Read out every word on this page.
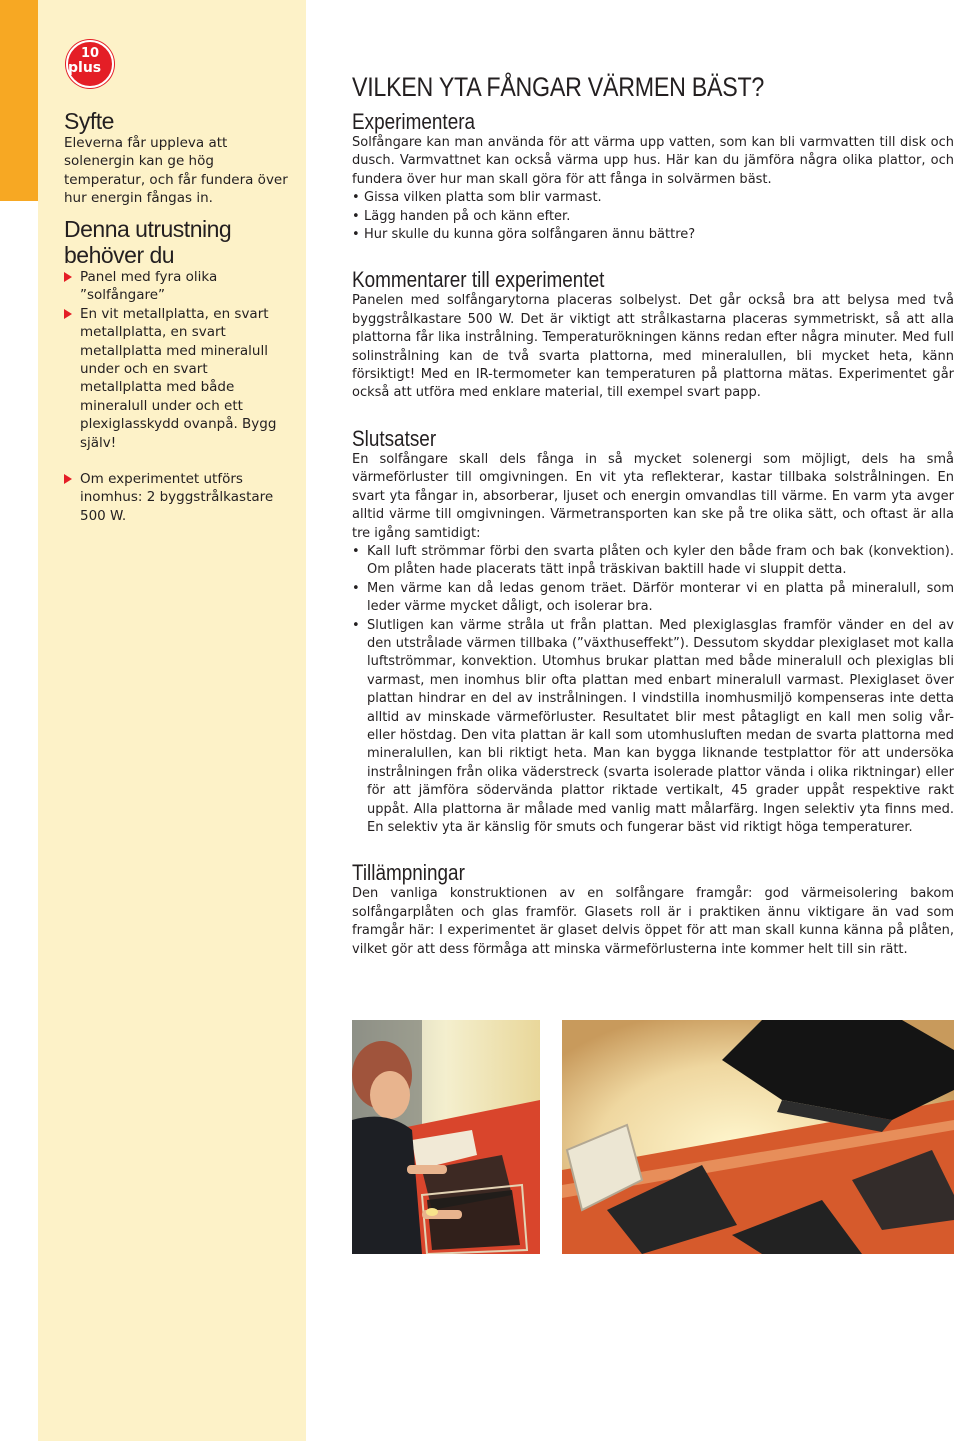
10
plus
Syfte

Eleverna får uppleva att solenergin kan ge hög temperatur, och får fundera över hur energin fångas in.

Denna utrustning behöver du
Panel med fyra olika ”solfångare”
En vit metallplatta, en svart metallplatta, en svart metallplatta med mineralull under och en svart metallplatta med både mineralull under och ett plexiglasskydd ovanpå. Bygg själv!
Om experimentet utförs inomhus: 2 byggstrålkastare 500 W.
VILKEN YTA FÅNGAR VÄRMEN BÄST?
Experimentera

Solfångare kan man använda för att värma upp vatten, som kan bli varmvatten till disk och dusch. Varmvattnet kan också värma upp hus. Här kan du jämföra några olika plattor, och fundera över hur man skall göra för att fånga in solvärmen bäst.

• Gissa vilken platta som blir varmast.
• Lägg handen på och känn efter.
• Hur skulle du kunna göra solfångaren ännu bättre?
Kommentarer till experimentet

Panelen med solfångarytorna placeras solbelyst. Det går också bra att belysa med två byggstrålkastare 500 W. Det är viktigt att strålkastarna placeras symmetriskt, så att alla plattorna får lika instrålning. Temperaturökningen känns redan efter några minuter. Med full solinstrålning kan de två svarta plattorna, med mineralullen, bli mycket heta, känn försiktigt! Med en IR-termometer kan temperaturen på plattorna mätas. Experimentet går också att utföra med enklare material, till exempel svart papp.

Slutsatser

En solfångare skall dels fånga in så mycket solenergi som möjligt, dels ha små värmeförluster till omgivningen. En vit yta reflekterar, kastar tillbaka solstrålningen. En svart yta fångar in, absorberar, ljuset och energin omvandlas till värme. En varm yta avger alltid värme till omgivningen. Värmetransporten kan ske på tre olika sätt, och oftast är alla tre igång samtidigt:

• Kall luft strömmar förbi den svarta plåten och kyler den både fram och bak (konvektion). Om plåten hade placerats tätt inpå träskivan baktill hade vi sluppit detta.
• Men värme kan då ledas genom träet. Därför monterar vi en platta på mineralull, som leder värme mycket dåligt, och isolerar bra.
• Slutligen kan värme stråla ut från plattan. Med plexiglasglas framför vänder en del av den utstrålade värmen tillbaka (”växthuseffekt”). Dessutom skyddar plexiglaset mot kalla luftströmmar, konvektion. Utomhus brukar plattan med både mineralull och plexiglas bli varmast, men inomhus blir ofta plattan med enbart mineralull varmast. Plexiglaset över plattan hindrar en del av instrålningen. I vindstilla inomhusmiljö kompenseras inte detta alltid av minskade värmeförluster. Resultatet blir mest påtagligt en kall men solig vår- eller höstdag. Den vita plattan är kall som utomhusluften medan de svarta plattorna med mineralullen, kan bli riktigt heta. Man kan bygga liknande testplattor för att undersöka instrålningen från olika väderstreck (svarta isolerade plattor vända i olika riktningar) eller för att jämföra södervända plattor riktade vertikalt, 45 grader uppåt respektive rakt uppåt. Alla plattorna är målade med vanlig matt målarfärg. Ingen selektiv yta finns med. En selektiv yta är känslig för smuts och fungerar bäst vid riktigt höga temperaturer.
Tillämpningar

Den vanliga konstruktionen av en solfångare framgår: god värmeisolering bakom solfångarplåten och glas framför. Glasets roll är i praktiken ännu viktigare än vad som framgår här: I experimentet är glaset delvis öppet för att man skall kunna känna på plåten, vilket gör att dess förmåga att minska värmeförlusterna inte kommer helt till sin rätt.
